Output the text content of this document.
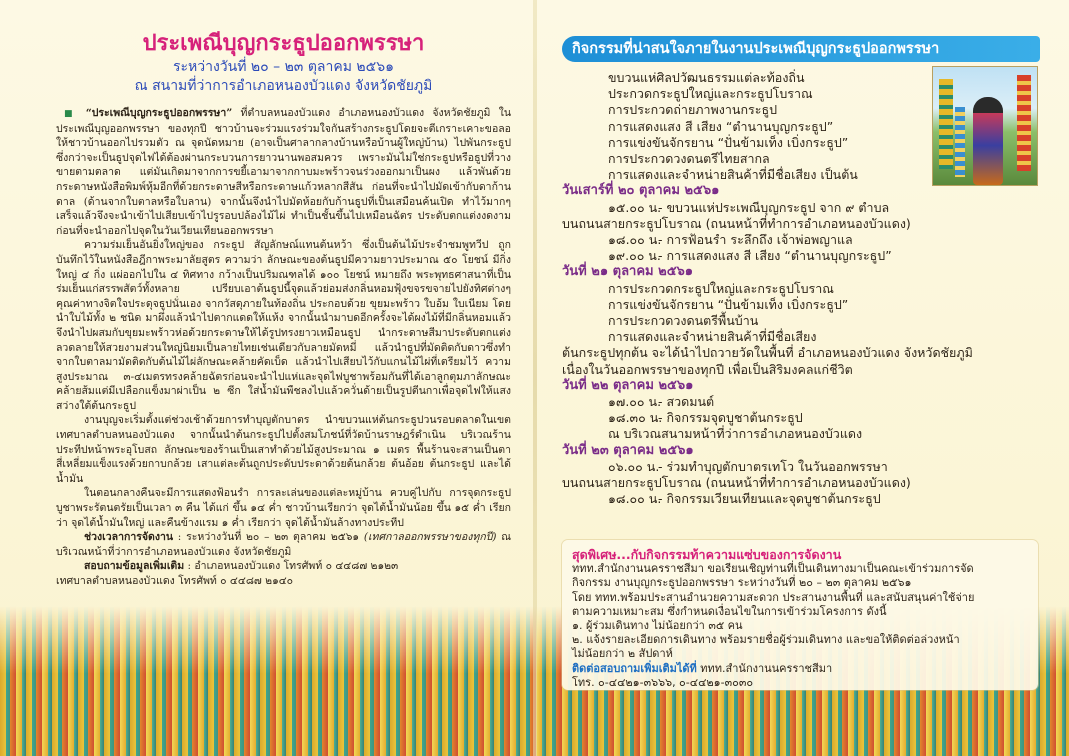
ประเพณีบุญกระธูปออกพรรษา
ระหว่างวันที่ ๒๐ – ๒๓ ตุลาคม ๒๕๖๑
ณ สนามที่ว่าการอำเภอหนองบัวแดง จังหวัดชัยภูมิ

■ “ประเพณีบุญกระธูปออกพรรษา” ที่ตำบลหนองบัวแดง อำเภอหนองบัวแดง จังหวัดชัยภูมิ ในประเพณีบุญออกพรรษา ของทุกปี ชาวบ้านจะร่วมแรงร่วมใจกันสร้างกระธูปโดยจะตีเกราะเคาะขอลอ ให้ชาวบ้านออกไปรวมตัว ณ จุดนัดหมาย (อาจเป็นศาลากลางบ้านหรือบ้านผู้ใหญ่บ้าน) ไปพันกระธูป ซึ่งกว่าจะเป็นธูปจุดไฟได้ต้องผ่านกระบวนการยาวนานพอสมควร เพราะมันไม่ใช่กระธูปหรือธูปที่วางขายตามตลาด แต่มันเกิดมาจากการขยี้เอามาจากกาบมะพร้าวจนร่วงออกมาเป็นผง แล้วพันด้วยกระดาษหนังสือพิมพ์หุ้มอีกที่ด้วยกระดาษสีหรือกระดาษแก้วหลากสีสัน ก่อนที่จะนำไปมัดเข้ากับดาก้านดาล (ด้านจากใบตาลหรือใบลาน) จากนั้นจึงนำไปมัดห้อยกับก้านธูปที่เป็นเสมือนค้นเปิด ทำไว้มากๆ เสร็จแล้วจึงจะนำเข้าไปเสียบเข้าไปรูรอบปล้องไม้ไผ่ ทำเป็นชั้นขึ้นไปเหมือนฉัตร ประดับตกแต่งงดงาม ก่อนที่จะนำออกไปจุดในวันเวียนเทียนออกพรรษา

ความร่มเย็นอันยิ่งใหญ่ของ กระธูป สัญลักษณ์แทนต้นหว้า ซึ่งเป็นต้นไม้ประจำชมพูทวีป ถูกบันทึกไว้ในหนังสือฎีกาพระมาลัยสูตร ความว่า ลักษณะของต้นธูปมีความยาวประมาณ ๕๐ โยชน์ มีกิ่งใหญ่ ๔ กิ่ง แผ่ออกไปใน ๔ ทิศทาง กว้างเป็นปริมณฑลได้ ๑๐๐ โยชน์ หมายถึง พระพุทธศาสนาที่เป็นร่มเย็นแก่สรรพสัตว์ทั้งหลาย เปรียบเอาต้นธูปนี้จุดแล้วย่อมส่งกลิ่นหอมฟุ้งขจรขจายไปยังทิศต่างๆ คุณค่าทางจิตใจประดุจธูปนั่นเอง จากวัสดุภายในท้องถิ่น ประกอบด้วย ขุยมะพร้าว ใบอ้ม ใบเนียม โดยนำใบไม้ทั้ง ๒ ชนิด มาผึ่งแล้วนำไปตากแดดให้แห้ง จากนั้นนำมาบดอีกครั้งจะได้ผงไม้ที่มีกลิ่นหอมแล้วจึงนำไปผสมกับขุยมะพร้าวห่อด้วยกระดาษให้ได้รูปทรงยาวเหมือนธูป นำกระดาษสีมาประดับตกแต่งลวดลายให้สวยงามส่วนใหญ่นิยมเป็นลายไทยเช่นเดียวกับลายมัดหมี่ แล้วนำธูปที่มัดติดกับดาวซึ่งทำจากใบตาลมามัดติดกับต้นไม้ไผ่ลักษณะคล้ายคัดเบ็ด แล้วนำไปเสียบไว้กับแกนไม้ไผ่ที่เตรียมไว้ ความสูงประมาณ ๓-๔เมตรทรงคล้ายฉัตรก่อนจะนำไปแห่และจุดไฟบูชาพร้อมกันที่ได้เอาลูกตุมภาลักษณะคล้ายส้มแต่มีเปลือกแข็งมาผ่าเป็น ๒ ซีก ใส่น้ำมันพืชลงไปแล้วควั่นด้ายเป็นรูปตีนกาเพื่อจุดไฟให้แสงสว่างใต้ต้นกระธูป

งานบุญจะเริ่มตั้งแต่ช่วงเช้าด้วยการทำบุญตักบาตร นำขบวนแห่ต้นกระธูปวนรอบตลาดในเขตเทศบาลตำบลหนองบัวแดง จากนั้นนำต้นกระธูปไปตั้งสมโภชน์ที่วัดบ้านราษฎร์ดำเนิน บริเวณร้านประทีปหน้าพระอุโบสถ ลักษณะของร้านเป็นเสาทำด้วยไม้สูงประมาณ ๑ เมตร พื้นร้านจะสานเป็นตาสี่เหลี่ยมแข็งแรงด้วยกาบกล้วย เสาแต่ละต้นถูกประดับประดาด้วยต้นกล้วย ต้นอ้อย ต้นกระธูป และได้น้ำมัน

ในตอนกลางคืนจะมีการแสดงฟ้อนรำ การละเล่นของแต่ละหมู่บ้าน ควบคู่ไปกับ การจุดกระธูปบูชาพระรัตนตรัยเป็นเวลา ๓ คืน ได้แก่ ขึ้น ๑๔ ค่ำ ชาวบ้านเรียกว่า จุดไต้น้ำมันน้อย ขึ้น ๑๕ ค่ำ เรียกว่า จุดไต้น้ำมันใหญ่ และคืนข้างแรม ๑ ค่ำ เรียกว่า จุดไต้น้ำมันล้างทางประทีป

ช่วงเวลาการจัดงาน : ระหว่างวันที่ ๒๐ – ๒๓ ตุลาคม ๒๕๖๑ (เทศกาลออกพรรษาของทุกปี) ณ บริเวณหน้าที่ว่าการอำเภอหนองบัวแดง จังหวัดชัยภูมิ

สอบถามข้อมูลเพิ่มเติม : อำเภอหนองบัวแดง โทรศัพท์ ๐ ๔๔๘๗ ๒๑๒๓

เทศบาลตำบลหนองบัวแดง โทรศัพท์ ๐ ๔๔๘๗ ๒๑๔๐
กิจกรรมที่น่าสนใจภายในงานประเพณีบุญกระธูปออกพรรษา
ขบวนแห่ศิลปวัฒนธรรมแต่ละท้องถิ่น
ประกวดกระธูปใหญ่และกระธูปโบราณ
การประกวดถ่ายภาพงานกระธูป
การแสดงแสง สี เสียง “ตำนานบุญกระธูป”
การแข่งขันจักรยาน “ปั่นข้ามเท็ง เบิ่งกระธูป”
การประกวดวงดนตรีไทยสากล
การแสดงและจำหน่ายสินค้าที่มีชื่อเสียง เป็นต้น
วันเสาร์ที่ ๒๐ ตุลาคม ๒๕๖๑
๑๕.๐๐ น.- ขบวนแห่ประเพณีบุญกระธูป จาก ๙ ตำบล
บนถนนสายกระธูปโบราณ (ถนนหน้าที่ทำการอำเภอหนองบัวแดง)
๑๘.๐๐ น.- การฟ้อนรำ ระลึกถึง เจ้าพ่อพญาแล
๑๙.๐๐ น.- การแสดงแสง สี เสียง “ตำนานบุญกระธูป”
วันที่ ๒๑ ตุลาคม ๒๕๖๑
การประกวดกระธูปใหญ่และกระธูปโบราณ
การแข่งขันจักรยาน “ปั่นข้ามเท็ง เบิ่งกระธูป”
การประกวดวงดนตรีพื้นบ้าน
การแสดงและจำหน่ายสินค้าที่มีชื่อเสียง
ต้นกระธูปทุกต้น จะได้นำไปถวายวัดในพื้นที่ อำเภอหนองบัวแดง จังหวัดชัยภูมิ
เนื่องในวันออกพรรษาของทุกปี เพื่อเป็นสิริมงคลแก่ชีวิต
วันที่ ๒๒ ตุลาคม ๒๕๖๑
๑๗.๐๐ น.- สวดมนต์
๑๘.๓๐ น.- กิจกรรมจุดบูชาต้นกระธูป
ณ บริเวณสนามหน้าที่ว่าการอำเภอหนองบัวแดง
วันที่ ๒๓ ตุลาคม ๒๕๖๑
๐๖.๐๐ น.- ร่วมทำบุญตักบาตรเทโว ในวันออกพรรษา
บนถนนสายกระธูปโบราณ (ถนนหน้าที่ทำการอำเภอหนองบัวแดง)
๑๘.๐๐ น.- กิจกรรมเวียนเทียนและจุดบูชาต้นกระธูป
สุดพิเศษ...กับกิจกรรมท้าความแซ่บของการจัดงาน
ททท.สำนักงานนครราชสีมา ขอเรียนเชิญท่านที่เป็นเดินทางมาเป็นคณะเข้าร่วมการจัด
กิจกรรม งานบุญกระธูปออกพรรษา ระหว่างวันที่ ๒๐ – ๒๓ ตุลาคม ๒๕๖๑
โดย ททท.พร้อมประสานอำนวยความสะดวก ประสานงานพื้นที่ และสนับสนุนค่าใช้จ่าย
ตามความเหมาะสม ซึ่งกำหนดเงื่อนไขในการเข้าร่วมโครงการ ดังนี้
๑. ผู้ร่วมเดินทาง ไม่น้อยกว่า ๓๕ คน
๒. แจ้งรายละเอียดการเดินทาง พร้อมรายชื่อผู้ร่วมเดินทาง และขอให้ติดต่อล่วงหน้า
ไม่น้อยกว่า ๒ สัปดาห์
ติดต่อสอบถามเพิ่มเติมได้ที่ ททท.สำนักงานนครราชสีมา
โทร. ๐-๔๔๒๑-๓๖๖๖, ๐-๔๔๒๑-๓๐๓๐
